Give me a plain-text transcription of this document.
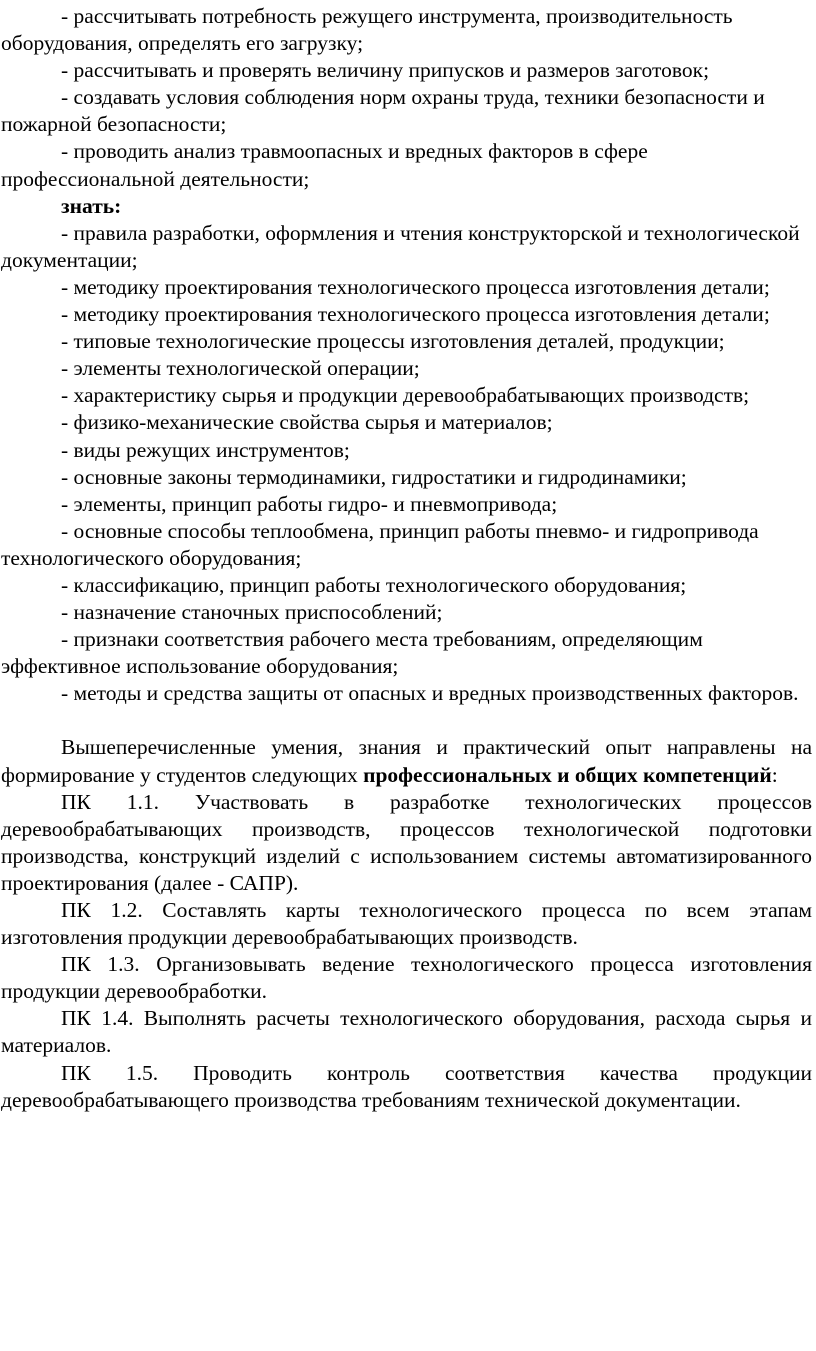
- рассчитывать потребность режущего инструмента, производительность оборудования, определять его загрузку;

- рассчитывать и проверять величину припусков и размеров заготовок;

- создавать условия соблюдения норм охраны труда, техники безопасности и пожарной безопасности;

- проводить анализ травмоопасных и вредных факторов в сфере профессиональной деятельности;

знать:

- правила разработки, оформления и чтения конструкторской и технологической документации;

- методику проектирования технологического процесса изготовления детали;

- методику проектирования технологического процесса изготовления детали;

- типовые технологические процессы изготовления деталей, продукции;

- элементы технологической операции;

- характеристику сырья и продукции деревообрабатывающих производств;

- физико-механические свойства сырья и материалов;

- виды режущих инструментов;

- основные законы термодинамики, гидростатики и гидродинамики;

- элементы, принцип работы гидро- и пневмопривода;

- основные способы теплообмена, принцип работы пневмо- и гидропривода технологического оборудования;

- классификацию, принцип работы технологического оборудования;

- назначение станочных приспособлений;

- признаки соответствия рабочего места требованиям, определяющим эффективное использование оборудования;

- методы и средства защиты от опасных и вредных производственных факторов.

Вышеперечисленные умения, знания и практический опыт направлены на формирование у студентов следующих профессиональных и общих компетенций:

ПК 1.1. Участвовать в разработке технологических процессов деревообрабатывающих производств, процессов технологической подготовки производства, конструкций изделий с использованием системы автоматизированного проектирования (далее - САПР).

ПК 1.2. Составлять карты технологического процесса по всем этапам изготовления продукции деревообрабатывающих производств.

ПК 1.3. Организовывать ведение технологического процесса изготовления продукции деревообработки.

ПК 1.4. Выполнять расчеты технологического оборудования, расхода сырья и материалов.

ПК 1.5. Проводить контроль соответствия качества продукции деревообрабатывающего производства требованиям технической документации.
